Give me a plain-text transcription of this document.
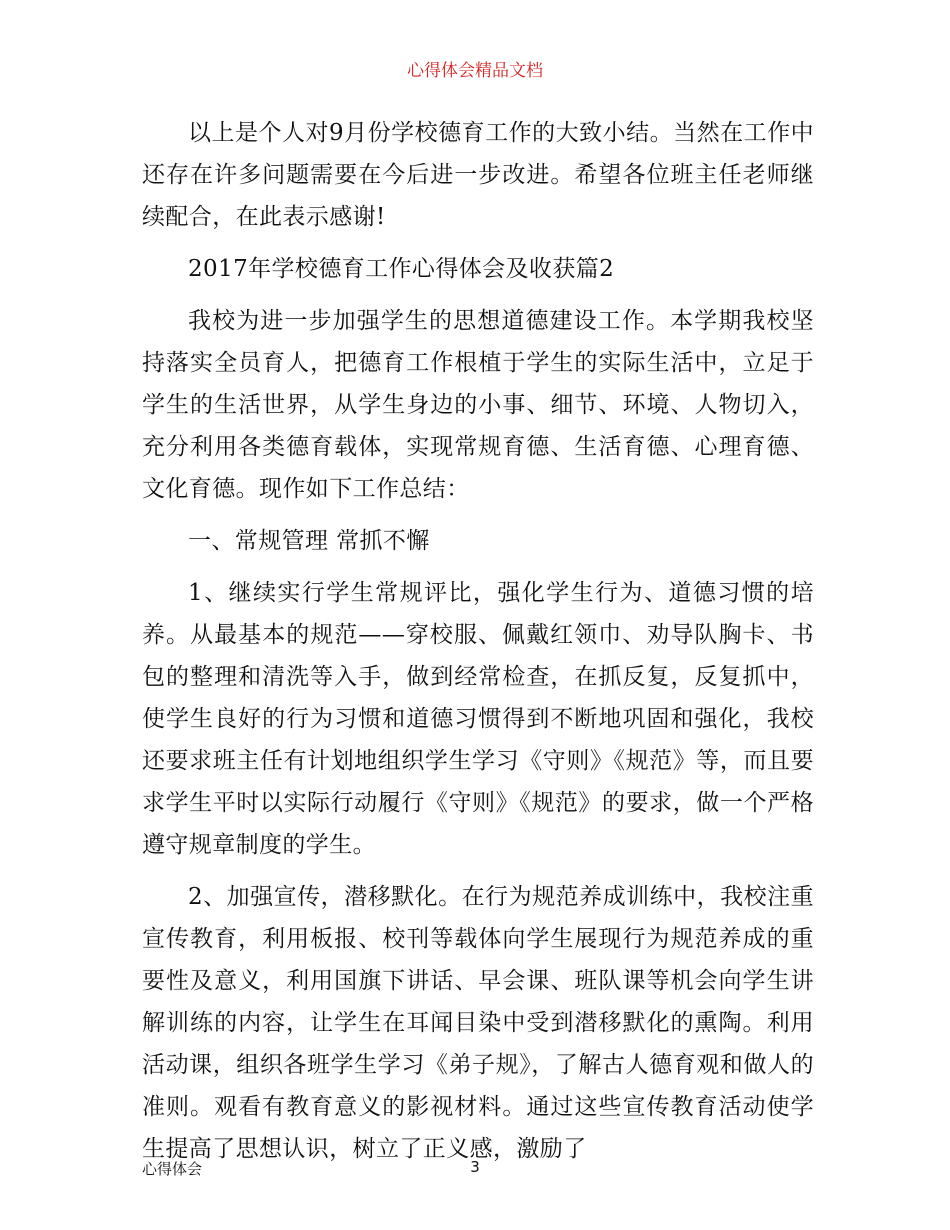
心得体会精品文档

以上是个人对9月份学校德育工作的大致小结。当然在工作中还存在许多问题需要在今后进一步改进。希望各位班主任老师继续配合，在此表示感谢!

2017年学校德育工作心得体会及收获篇2

我校为进一步加强学生的思想道德建设工作。本学期我校坚持落实全员育人，把德育工作根植于学生的实际生活中，立足于学生的生活世界，从学生身边的小事、细节、环境、人物切入，充分利用各类德育载体，实现常规育德、生活育德、心理育德、文化育德。现作如下工作总结：

一、常规管理 常抓不懈

1、继续实行学生常规评比，强化学生行为、道德习惯的培养。从最基本的规范——穿校服、佩戴红领巾、劝导队胸卡、书包的整理和清洗等入手，做到经常检查，在抓反复，反复抓中，使学生良好的行为习惯和道德习惯得到不断地巩固和强化，我校还要求班主任有计划地组织学生学习《守则》《规范》等，而且要求学生平时以实际行动履行《守则》《规范》的要求，做一个严格遵守规章制度的学生。

2、加强宣传，潜移默化。在行为规范养成训练中，我校注重宣传教育，利用板报、校刊等载体向学生展现行为规范养成的重要性及意义，利用国旗下讲话、早会课、班队课等机会向学生讲解训练的内容，让学生在耳闻目染中受到潜移默化的熏陶。利用活动课，组织各班学生学习《弟子规》，了解古人德育观和做人的准则。观看有教育意义的影视材料。通过这些宣传教育活动使学生提高了思想认识，树立了正义感，激励了

心得体会	3
